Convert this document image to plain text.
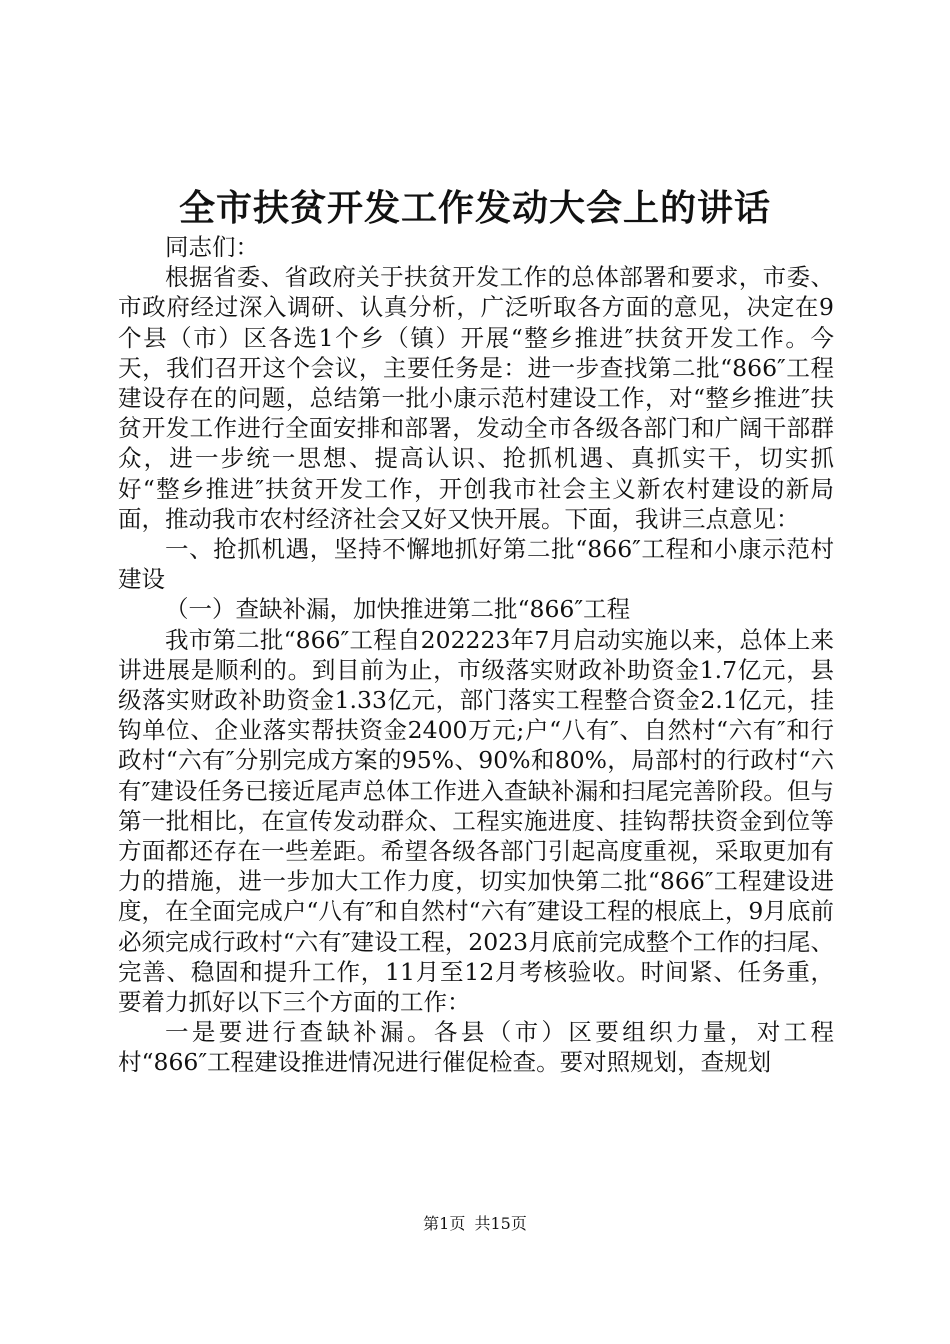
全市扶贫开发工作发动大会上的讲话

同志们：

根据省委、省政府关于扶贫开发工作的总体部署和要求，市委、市政府经过深入调研、认真分析，广泛听取各方面的意见，决定在9个县（市）区各选1个乡（镇）开展“整乡推进″扶贫开发工作。今天，我们召开这个会议，主要任务是：进一步查找第二批“866″工程建设存在的问题，总结第一批小康示范村建设工作，对“整乡推进″扶贫开发工作进行全面安排和部署，发动全市各级各部门和广阔干部群众，进一步统一思想、提高认识、抢抓机遇、真抓实干，切实抓好“整乡推进″扶贫开发工作，开创我市社会主义新农村建设的新局面，推动我市农村经济社会又好又快开展。下面，我讲三点意见：

一、抢抓机遇，坚持不懈地抓好第二批“866″工程和小康示范村建设

（一）查缺补漏，加快推进第二批“866″工程

我市第二批“866″工程自202223年7月启动实施以来，总体上来讲进展是顺利的。到目前为止，市级落实财政补助资金1.7亿元，县级落实财政补助资金1.33亿元，部门落实工程整合资金2.1亿元，挂钩单位、企业落实帮扶资金2400万元;户“八有″、自然村“六有″和行政村“六有″分别完成方案的95%、90%和80%，局部村的行政村“六有″建设任务已接近尾声总体工作进入查缺补漏和扫尾完善阶段。但与第一批相比，在宣传发动群众、工程实施进度、挂钩帮扶资金到位等方面都还存在一些差距。希望各级各部门引起高度重视，采取更加有力的措施，进一步加大工作力度，切实加快第二批“866″工程建设进度，在全面完成户“八有″和自然村“六有″建设工程的根底上，9月底前必须完成行政村“六有″建设工程，2023月底前完成整个工作的扫尾、完善、稳固和提升工作，11月至12月考核验收。时间紧、任务重，要着力抓好以下三个方面的工作：

一是要进行查缺补漏。各县（市）区要组织力量，对工程村“866″工程建设推进情况进行催促检查。要对照规划，查规划

第1页 共15页
